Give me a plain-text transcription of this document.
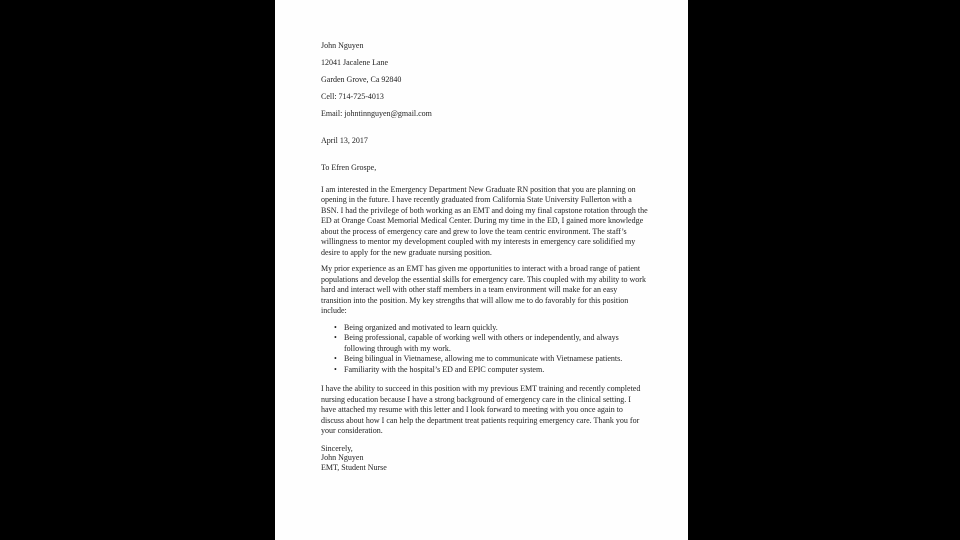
John Nguyen

12041 Jacalene Lane

Garden Grove, Ca 92840

Cell: 714-725-4013

Email: johntinnguyen@gmail.com

April 13, 2017

To Efren Grospe,

I am interested in the Emergency Department New Graduate RN position that you are planning on opening in the future. I have recently graduated from California State University Fullerton with a BSN. I had the privilege of both working as an EMT and doing my final capstone rotation through the ED at Orange Coast Memorial Medical Center. During my time in the ED, I gained more knowledge about the process of emergency care and grew to love the team centric environment. The staff’s willingness to mentor my development coupled with my interests in emergency care solidified my desire to apply for the new graduate nursing position.

My prior experience as an EMT has given me opportunities to interact with a broad range of patient populations and develop the essential skills for emergency care. This coupled with my ability to work hard and interact well with other staff members in a team environment will make for an easy transition into the position. My key strengths that will allow me to do favorably for this position include:

• Being organized and motivated to learn quickly.
• Being professional, capable of working well with others or independently, and always following through with my work.
• Being bilingual in Vietnamese, allowing me to communicate with Vietnamese patients.
• Familiarity with the hospital’s ED and EPIC computer system.

I have the ability to succeed in this position with my previous EMT training and recently completed nursing education because I have a strong background of emergency care in the clinical setting. I have attached my resume with this letter and I look forward to meeting with you once again to discuss about how I can help the department treat patients requiring emergency care. Thank you for your consideration.

Sincerely,

John Nguyen

EMT, Student Nurse
